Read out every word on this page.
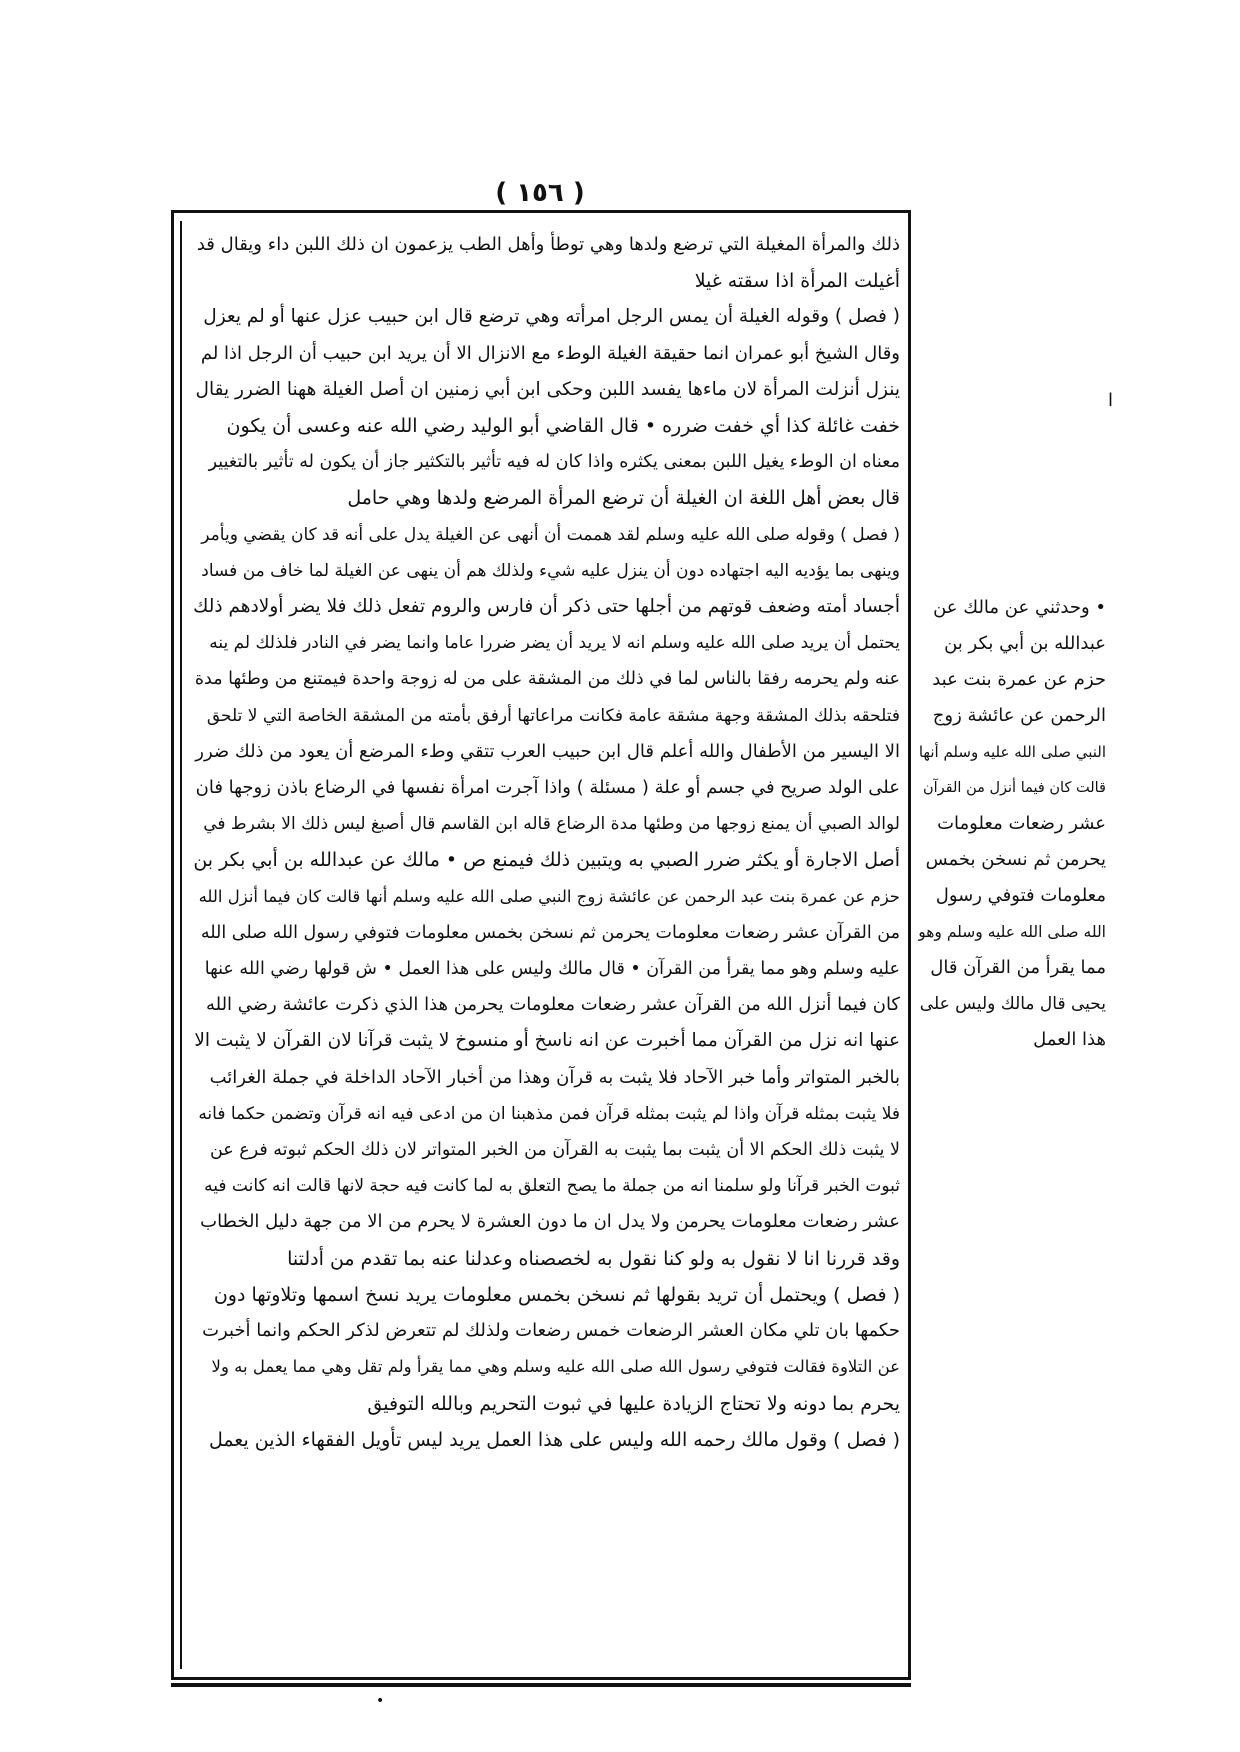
( ١٥٦ )

ذلك والمرأة المغيلة التي ترضع ولدها وهي توطأ وأهل الطب يزعمون ان ذلك اللبن داء ويقال قد

أغيلت المرأة اذا سقته غيلا

( فصل ) وقوله الغيلة أن يمس الرجل امرأته وهي ترضع قال ابن حبيب عزل عنها أو لم يعزل

وقال الشيخ أبو عمران انما حقيقة الغيلة الوطء مع الانزال الا أن يريد ابن حبيب أن الرجل اذا لم

ينزل أنزلت المرأة لان ماءها يفسد اللبن وحكى ابن أبي زمنين ان أصل الغيلة ههنا الضرر يقال

خفت غائلة كذا أي خفت ضرره • قال القاضي أبو الوليد رضي الله عنه وعسى أن يكون

معناه ان الوطء يغيل اللبن بمعنى يكثره واذا كان له فيه تأثير بالتكثير جاز أن يكون له تأثير بالتغيير

قال بعض أهل اللغة ان الغيلة أن ترضع المرأة المرضع ولدها وهي حامل

( فصل ) وقوله صلى الله عليه وسلم لقد هممت أن أنهى عن الغيلة يدل على أنه قد كان يقضي ويأمر

وينهى بما يؤديه اليه اجتهاده دون أن ينزل عليه شيء ولذلك هم أن ينهى عن الغيلة لما خاف من فساد

أجساد أمته وضعف قوتهم من أجلها حتى ذكر أن فارس والروم تفعل ذلك فلا يضر أولادهم ذلك

يحتمل أن يريد صلى الله عليه وسلم انه لا يريد أن يضر ضررا عاما وانما يضر في النادر فلذلك لم ينه

عنه ولم يحرمه رفقا بالناس لما في ذلك من المشقة على من له زوجة واحدة فيمتنع من وطئها مدة

فتلحقه بذلك المشقة وجهة مشقة عامة فكانت مراعاتها أرفق بأمته من المشقة الخاصة التي لا تلحق

الا اليسير من الأطفال والله أعلم قال ابن حبيب العرب تتقي وطء المرضع أن يعود من ذلك ضرر

على الولد صريح في جسم أو علة ( مسئلة ) واذا آجرت امرأة نفسها في الرضاع باذن زوجها فان

لوالد الصبي أن يمنع زوجها من وطئها مدة الرضاع قاله ابن القاسم قال أصبغ ليس ذلك الا بشرط في

أصل الاجارة أو يكثر ضرر الصبي به ويتبين ذلك فيمنع ص • مالك عن عبدالله بن أبي بكر بن

حزم عن عمرة بنت عبد الرحمن عن عائشة زوج النبي صلى الله عليه وسلم أنها قالت كان فيما أنزل الله

من القرآن عشر رضعات معلومات يحرمن ثم نسخن بخمس معلومات فتوفي رسول الله صلى الله

عليه وسلم وهو مما يقرأ من القرآن • قال مالك وليس على هذا العمل • ش قولها رضي الله عنها

كان فيما أنزل الله من القرآن عشر رضعات معلومات يحرمن هذا الذي ذكرت عائشة رضي الله

عنها انه نزل من القرآن مما أخبرت عن انه ناسخ أو منسوخ لا يثبت قرآنا لان القرآن لا يثبت الا

بالخبر المتواتر وأما خبر الآحاد فلا يثبت به قرآن وهذا من أخبار الآحاد الداخلة في جملة الغرائب

فلا يثبت بمثله قرآن واذا لم يثبت بمثله قرآن فمن مذهبنا ان من ادعى فيه انه قرآن وتضمن حكما فانه

لا يثبت ذلك الحكم الا أن يثبت بما يثبت به القرآن من الخبر المتواتر لان ذلك الحكم ثبوته فرع عن

ثبوت الخبر قرآنا ولو سلمنا انه من جملة ما يصح التعلق به لما كانت فيه حجة لانها قالت انه كانت فيه

عشر رضعات معلومات يحرمن ولا يدل ان ما دون العشرة لا يحرم من الا من جهة دليل الخطاب

وقد قررنا انا لا نقول به ولو كنا نقول به لخصصناه وعدلنا عنه بما تقدم من أدلتنا

( فصل ) ويحتمل أن تريد بقولها ثم نسخن بخمس معلومات يريد نسخ اسمها وتلاوتها دون

حكمها بان تلي مكان العشر الرضعات خمس رضعات ولذلك لم تتعرض لذكر الحكم وانما أخبرت

عن التلاوة فقالت فتوفي رسول الله صلى الله عليه وسلم وهي مما يقرأ ولم تقل وهي مما يعمل به ولا

يحرم بما دونه ولا تحتاج الزيادة عليها في ثبوت التحريم وبالله التوفيق

( فصل ) وقول مالك رحمه الله وليس على هذا العمل يريد ليس تأويل الفقهاء الذين يعمل

• وحدثني عن مالك عن

عبدالله بن أبي بكر بن

حزم عن عمرة بنت عبد

الرحمن عن عائشة زوج

النبي صلى الله عليه وسلم أنها

قالت كان فيما أنزل من القرآن

عشر رضعات معلومات

يحرمن ثم نسخن بخمس

معلومات فتوفي رسول

الله صلى الله عليه وسلم وهو

مما يقرأ من القرآن قال

يحيى قال مالك وليس على

هذا العمل

ا
•
